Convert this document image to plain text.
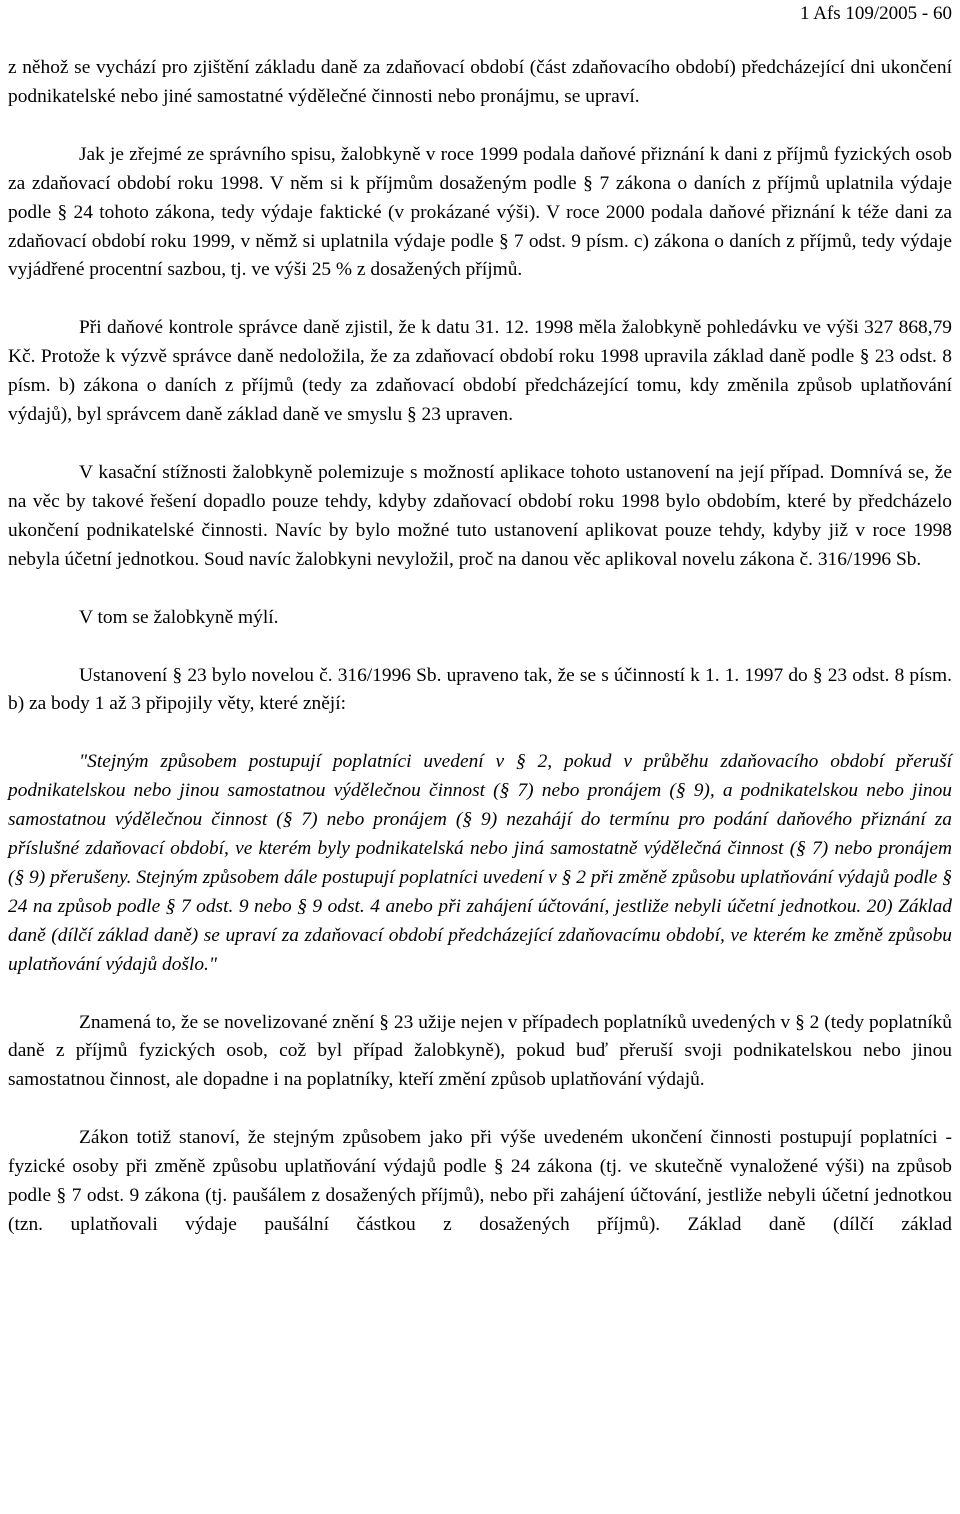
1 Afs 109/2005 - 60

z něhož se vychází pro zjištění základu daně za zdaňovací období (část zdaňovacího období) předcházející dni ukončení podnikatelské nebo jiné samostatné výdělečné činnosti nebo pronájmu, se upraví.

Jak je zřejmé ze správního spisu, žalobkyně v roce 1999 podala daňové přiznání k dani z příjmů fyzických osob za zdaňovací období roku 1998. V něm si k příjmům dosaženým podle § 7 zákona o daních z příjmů uplatnila výdaje podle § 24 tohoto zákona, tedy výdaje faktické (v prokázané výši). V roce 2000 podala daňové přiznání k téže dani za zdaňovací období roku 1999, v němž si uplatnila výdaje podle § 7 odst. 9 písm. c) zákona o daních z příjmů, tedy výdaje vyjádřené procentní sazbou, tj. ve výši 25 % z dosažených příjmů.

Při daňové kontrole správce daně zjistil, že k datu 31. 12. 1998 měla žalobkyně pohledávku ve výši 327 868,79 Kč. Protože k výzvě správce daně nedoložila, že za zdaňovací období roku 1998 upravila základ daně podle § 23 odst. 8 písm. b) zákona o daních z příjmů (tedy za zdaňovací období předcházející tomu, kdy změnila způsob uplatňování výdajů), byl správcem daně základ daně ve smyslu § 23 upraven.

V kasační stížnosti žalobkyně polemizuje s možností aplikace tohoto ustanovení na její případ. Domnívá se, že na věc by takové řešení dopadlo pouze tehdy, kdyby zdaňovací období roku 1998 bylo obdobím, které by předcházelo ukončení podnikatelské činnosti. Navíc by bylo možné tuto ustanovení aplikovat pouze tehdy, kdyby již v roce 1998 nebyla účetní jednotkou. Soud navíc žalobkyni nevyložil, proč na danou věc aplikoval novelu zákona č. 316/1996 Sb.

V tom se žalobkyně mýlí.

Ustanovení § 23 bylo novelou č. 316/1996 Sb. upraveno tak, že se s účinností k 1. 1. 1997 do § 23 odst. 8 písm. b) za body 1 až 3 připojily věty, které znějí:

"Stejným způsobem postupují poplatníci uvedení v § 2, pokud v průběhu zdaňovacího období přeruší podnikatelskou nebo jinou samostatnou výdělečnou činnost (§ 7) nebo pronájem (§ 9), a podnikatelskou nebo jinou samostatnou výdělečnou činnost (§ 7) nebo pronájem (§ 9) nezahájí do termínu pro podání daňového přiznání za příslušné zdaňovací období, ve kterém byly podnikatelská nebo jiná samostatně výdělečná činnost (§ 7) nebo pronájem (§ 9) přerušeny. Stejným způsobem dále postupují poplatníci uvedení v § 2 při změně způsobu uplatňování výdajů podle § 24 na způsob podle § 7 odst. 9 nebo § 9 odst. 4 anebo při zahájení účtování, jestliže nebyli účetní jednotkou. 20) Základ daně (dílčí základ daně) se upraví za zdaňovací období předcházející zdaňovacímu období, ve kterém ke změně způsobu uplatňování výdajů došlo."

Znamená to, že se novelizované znění § 23 užije nejen v případech poplatníků uvedených v § 2 (tedy poplatníků daně z příjmů fyzických osob, což byl případ žalobkyně), pokud buď přeruší svoji podnikatelskou nebo jinou samostatnou činnost, ale dopadne i na poplatníky, kteří změní způsob uplatňování výdajů.

Zákon totiž stanoví, že stejným způsobem jako při výše uvedeném ukončení činnosti postupují poplatníci - fyzické osoby při změně způsobu uplatňování výdajů podle § 24 zákona (tj. ve skutečně vynaložené výši) na způsob podle § 7 odst. 9 zákona (tj. paušálem z dosažených příjmů), nebo při zahájení účtování, jestliže nebyli účetní jednotkou (tzn. uplatňovali výdaje paušální částkou z dosažených příjmů). Základ daně (dílčí základ
